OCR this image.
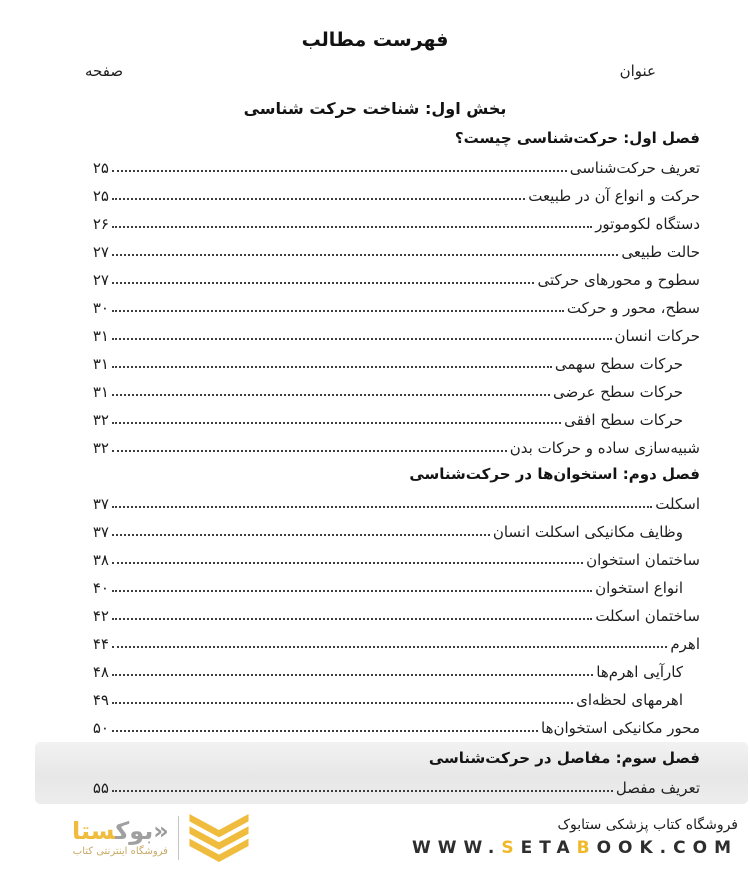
فهرست مطالب
عنوان
صفحه
بخش اول: شناخت حرکت شناسی
فصل اول: حرکت‌شناسی چیست؟
تعریف حرکت‌شناسی
۲۵
حرکت و انواع آن در طبیعت
۲۵
دستگاه لکوموتور
۲۶
حالت طبیعی
۲۷
سطوح و محورهای حرکتی
۲۷
سطح، محور و حرکت
۳۰
حرکات انسان
۳۱
حرکات سطح سهمی
۳۱
حرکات سطح عرضی
۳۱
حرکات سطح افقی
۳۲
شبیه‌سازی ساده و حرکات بدن
۳۲
فصل دوم: استخوان‌ها در حرکت‌شناسی
اسکلت
۳۷
وظایف مکانیکی اسکلت انسان
۳۷
ساختمان استخوان
۳۸
انواع استخوان
۴۰
ساختمان اسکلت
۴۲
اهرم
۴۴
کارآیی اهرم‌ها
۴۸
اهرمهای لحظه‌ای
۴۹
محور مکانیکی استخوان‌ها
۵۰
فصل سوم: مفاصل در حرکت‌شناسی
تعریف مفصل
۵۵
«بوکستا
فروشگاه اینترنتی کتاب
فروشگاه کتاب پزشکی ستابوک
WWW.SETABOOK.COM
